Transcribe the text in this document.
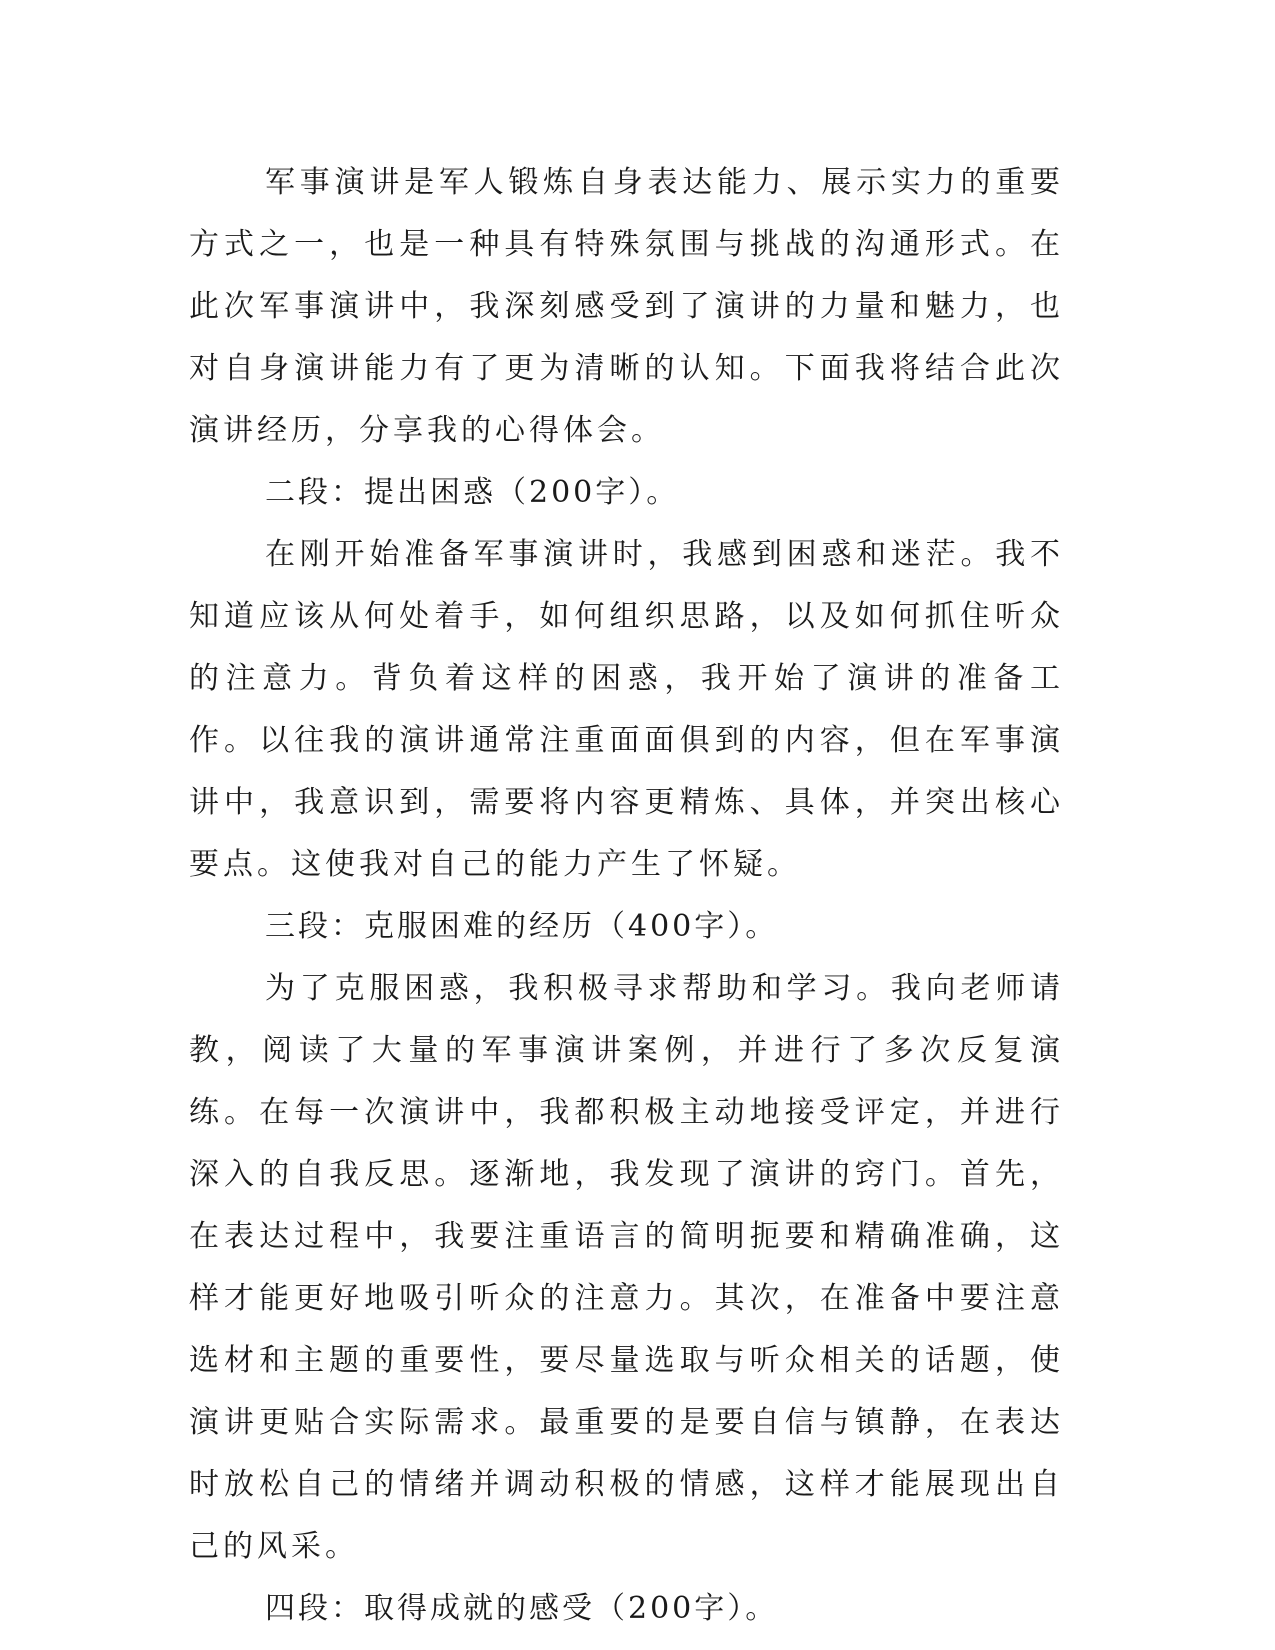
军事演讲是军人锻炼自身表达能力、展示实力的重要方式之一，也是一种具有特殊氛围与挑战的沟通形式。在此次军事演讲中，我深刻感受到了演讲的力量和魅力，也对自身演讲能力有了更为清晰的认知。下面我将结合此次演讲经历，分享我的心得体会。

二段：提出困惑（200字）。

在刚开始准备军事演讲时，我感到困惑和迷茫。我不知道应该从何处着手，如何组织思路，以及如何抓住听众的注意力。背负着这样的困惑，我开始了演讲的准备工作。以往我的演讲通常注重面面俱到的内容，但在军事演讲中，我意识到，需要将内容更精炼、具体，并突出核心要点。这使我对自己的能力产生了怀疑。

三段：克服困难的经历（400字）。

为了克服困惑，我积极寻求帮助和学习。我向老师请教，阅读了大量的军事演讲案例，并进行了多次反复演练。在每一次演讲中，我都积极主动地接受评定，并进行深入的自我反思。逐渐地，我发现了演讲的窍门。首先，在表达过程中，我要注重语言的简明扼要和精确准确，这样才能更好地吸引听众的注意力。其次，在准备中要注意选材和主题的重要性，要尽量选取与听众相关的话题，使演讲更贴合实际需求。最重要的是要自信与镇静，在表达时放松自己的情绪并调动积极的情感，这样才能展现出自己的风采。

四段：取得成就的感受（200字）。
